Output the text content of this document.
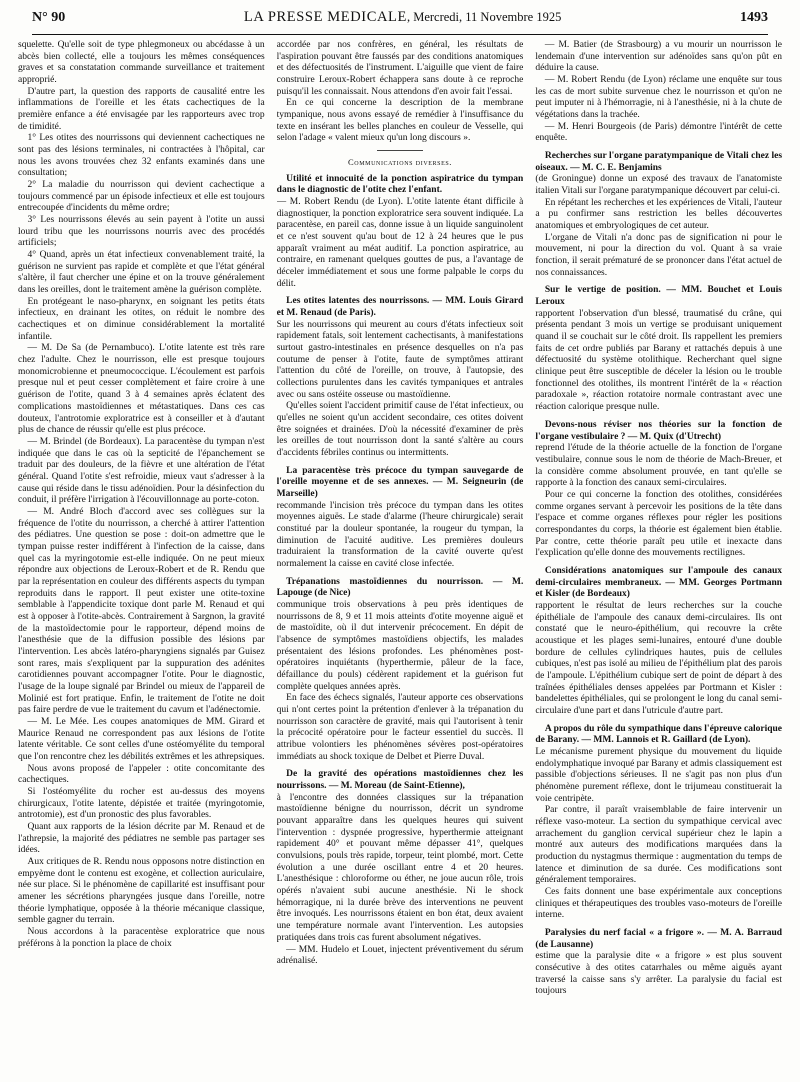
N° 90	LA PRESSE MEDICALE, Mercredi, 11 Novembre 1925	1493

squelette. Qu'elle soit de type phlegmoneux ou abcédasse à un abcès bien collecté, elle a toujours les mêmes conséquences graves et sa constatation commande surveillance et traitement approprié.

D'autre part, la question des rapports de causalité entre les inflammations de l'oreille et les états cachectiques de la première enfance a été envisagée par les rapporteurs avec trop de timidité.

1° Les otites des nourrissons qui deviennent cachectiques ne sont pas des lésions terminales, ni contractées à l'hôpital, car nous les avons trouvées chez 32 enfants examinés dans une consultation;

2° La maladie du nourrisson qui devient cachectique a toujours commencé par un épisode infectieux et elle est toujours entrecoupée d'incidents du même ordre;

3° Les nourrissons élevés au sein payent à l'otite un aussi lourd tribu que les nourrissons nourris avec des procédés artificiels;

4° Quand, après un état infectieux convenablement traité, la guérison ne survient pas rapide et complète et que l'état général s'altère, il faut chercher une épine et on la trouve généralement dans les oreilles, dont le traitement amène la guérison complète.

En protégeant le naso-pharynx, en soignant les petits états infectieux, en drainant les otites, on réduit le nombre des cachectiques et on diminue considérablement la mortalité infantile.

— M. De Sa (de Pernambuco). L'otite latente est très rare chez l'adulte. Chez le nourrisson, elle est presque toujours monomicrobienne et pneumococcique. L'écoulement est parfois presque nul et peut cesser complètement et faire croire à une guérison de l'otite, quand 3 à 4 semaines après éclatent des complications mastoïdiennes et métastatiques. Dans ces cas douteux, l'antrotomie exploratrice est à conseiller et à d'autant plus de chance de réussir qu'elle est plus précoce.

— M. Brindel (de Bordeaux). La paracentèse du tympan n'est indiquée que dans le cas où la septicité de l'épanchement se traduit par des douleurs, de la fièvre et une altération de l'état général. Quand l'otite s'est refroidie, mieux vaut s'adresser à la cause qui réside dans le tissu adénoïdien. Pour la désinfection du conduit, il préfère l'irrigation à l'écouvillonnage au porte-coton.

— M. André Bloch d'accord avec ses collègues sur la fréquence de l'otite du nourrisson, a cherché à attirer l'attention des pédiatres. Une question se pose : doit-on admettre que le tympan puisse rester indifférent à l'infection de la caisse, dans quel cas la myringotomie est-elle indiquée. On ne peut mieux répondre aux objections de Leroux-Robert et de R. Rendu que par la représentation en couleur des différents aspects du tympan reproduits dans le rapport. Il peut exister une otite-toxine semblable à l'appendicite toxique dont parle M. Renaud et qui est à opposer à l'otite-abcès. Contrairement à Sargnon, la gravité de la mastoïdectomie pour le rapporteur, dépend moins de l'anesthésie que de la diffusion possible des lésions par l'intervention. Les abcès latéro-pharyngiens signalés par Guisez sont rares, mais s'expliquent par la suppuration des adénites carotidiennes pouvant accompagner l'otite. Pour le diagnostic, l'usage de la loupe signalé par Brindel ou mieux de l'appareil de Molinié est fort pratique. Enfin, le traitement de l'otite ne doit pas faire perdre de vue le traitement du cavum et l'adénectomie.

— M. Le Mée. Les coupes anatomiques de MM. Girard et Maurice Renaud ne correspondent pas aux lésions de l'otite latente véritable. Ce sont celles d'une ostéomyélite du temporal que l'on rencontre chez les débilités extrêmes et les athrepsiques.

Nous avons proposé de l'appeler : otite concomitante des cachectiques.

Si l'ostéomyélite du rocher est au-dessus des moyens chirurgicaux, l'otite latente, dépistée et traitée (myringotomie, antrotomie), est d'un pronostic des plus favorables.

Quant aux rapports de la lésion décrite par M. Renaud et de l'athrepsie, la majorité des pédiatres ne semble pas partager ses idées.

Aux critiques de R. Rendu nous opposons notre distinction en empyème dont le contenu est exogène, et collection auriculaire, née sur place. Si le phénomène de capillarité est insuffisant pour amener les sécrétions pharyngées jusque dans l'oreille, notre théorie lymphatique, opposée à la théorie mécanique classique, semble gagner du terrain.

Nous accordons à la paracentèse exploratrice que nous préférons à la ponction la place de choix

accordée par nos confrères, en général, les résultats de l'aspiration pouvant être faussés par des conditions anatomiques et des défectuosités de l'instrument. L'aiguille que vient de faire construire Leroux-Robert échappera sans doute à ce reproche puisqu'il les connaissait. Nous attendons d'en avoir fait l'essai.

En ce qui concerne la description de la membrane tympanique, nous avons essayé de remédier à l'insuffisance du texte en insérant les belles planches en couleur de Vesselle, qui selon l'adage « valent mieux qu'un long discours ».

Communications diverses.
Utilité et innocuité de la ponction aspiratrice du tympan dans le diagnostic de l'otite chez l'enfant.

— M. Robert Rendu (de Lyon). L'otite latente étant difficile à diagnostiquer, la ponction exploratrice sera souvent indiquée. La paracentèse, en pareil cas, donne issue à un liquide sanguinolent et ce n'est souvent qu'au bout de 12 à 24 heures que le pus apparaît vraiment au méat auditif. La ponction aspiratrice, au contraire, en ramenant quelques gouttes de pus, a l'avantage de déceler immédiatement et sous une forme palpable le corps du délit.

Les otites latentes des nourrissons. — MM. Louis Girard et M. Renaud (de Paris).

Sur les nourrissons qui meurent au cours d'états infectieux soit rapidement fatals, soit lentement cachectisants, à manifestations surtout gastro-intestinales en présence desquelles on n'a pas coutume de penser à l'otite, faute de symptômes attirant l'attention du côté de l'oreille, on trouve, à l'autopsie, des collections purulentes dans les cavités tympaniques et antrales avec ou sans ostéite osseuse ou mastoïdienne.

Qu'elles soient l'accident primitif cause de l'état infectieux, ou qu'elles ne soient qu'un accident secondaire, ces otites doivent être soignées et drainées. D'où la nécessité d'examiner de près les oreilles de tout nourrisson dont la santé s'altère au cours d'accidents fébriles continus ou intermittents.

La paracentèse très précoce du tympan sauvegarde de l'oreille moyenne et de ses annexes. — M. Seigneurin (de Marseille)

recommande l'incision très précoce du tympan dans les otites moyennes aiguës. Le stade d'alarme (l'heure chirurgicale) serait constitué par la douleur spontanée, la rougeur du tympan, la diminution de l'acuité auditive. Les premières douleurs traduiraient la transformation de la cavité ouverte qu'est normalement la caisse en cavité close infectée.

Trépanations mastoïdiennes du nourrisson. — M. Lapouge (de Nice)

communique trois observations à peu près identiques de nourrissons de 8, 9 et 11 mois atteints d'otite moyenne aiguë et de mastoïdite, où il dut intervenir précocement. En dépit de l'absence de symptômes mastoïdiens objectifs, les malades présentaient des lésions profondes. Les phénomènes post-opératoires inquiétants (hyperthermie, pâleur de la face, défaillance du pouls) cédèrent rapidement et la guérison fut complète quelques années après.

En face des échecs signalés, l'auteur apporte ces observations qui n'ont certes point la prétention d'enlever à la trépanation du nourrisson son caractère de gravité, mais qui l'autorisent à tenir la précocité opératoire pour le facteur essentiel du succès. Il attribue volontiers les phénomènes sévères post-opératoires immédiats au shock toxique de Delbet et Pierre Duval.

De la gravité des opérations mastoïdiennes chez les nourrissons. — M. Moreau (de Saint-Etienne),

à l'encontre des données classiques sur la trépanation mastoïdienne bénigne du nourrisson, décrit un syndrome pouvant apparaître dans les quelques heures qui suivent l'intervention : dyspnée progressive, hyperthermie atteignant rapidement 40° et pouvant même dépasser 41°, quelques convulsions, pouls très rapide, torpeur, teint plombé, mort. Cette évolution a une durée oscillant entre 4 et 20 heures. L'anesthésique : chloroforme ou éther, ne joue aucun rôle, trois opérés n'avaient subi aucune anesthésie. Ni le shock hémorragique, ni la durée brève des interventions ne peuvent être invoqués. Les nourrissons étaient en bon état, deux avaient une température normale avant l'intervention. Les autopsies pratiquées dans trois cas furent absolument négatives.

— MM. Hudelo et Louet, injectent préventivement du sérum adrénalisé.

— M. Batier (de Strasbourg) a vu mourir un nourrisson le lendemain d'une intervention sur adénoïdes sans qu'on pût en déduire la cause.

— M. Robert Rendu (de Lyon) réclame une enquête sur tous les cas de mort subite survenue chez le nourrisson et qu'on ne peut imputer ni à l'hémorragie, ni à l'anesthésie, ni à la chute de végétations dans la trachée.

— M. Henri Bourgeois (de Paris) démontre l'intérêt de cette enquête.

Recherches sur l'organe paratympanique de Vitali chez les oiseaux. — M. C. E. Benjamins

(de Groningue) donne un exposé des travaux de l'anatomiste italien Vitali sur l'organe paratympanique découvert par celui-ci.

En répétant les recherches et les expériences de Vitali, l'auteur a pu confirmer sans restriction les belles découvertes anatomiques et embryologiques de cet auteur.

L'organe de Vitali n'a donc pas de signification ni pour le mouvement, ni pour la direction du vol. Quant à sa vraie fonction, il serait prématuré de se prononcer dans l'état actuel de nos connaissances.

Sur le vertige de position. — MM. Bouchet et Louis Leroux

rapportent l'observation d'un blessé, traumatisé du crâne, qui présenta pendant 3 mois un vertige se produisant uniquement quand il se couchait sur le côté droit. Ils rappellent les premiers faits de cet ordre publiés par Barany et rattachés depuis à une défectuosité du système otolithique. Recherchant quel signe clinique peut être susceptible de déceler la lésion ou le trouble fonctionnel des otolithes, ils montrent l'intérêt de la « réaction paradoxale », réaction rotatoire normale contrastant avec une réaction calorique presque nulle.

Devons-nous réviser nos théories sur la fonction de l'organe vestibulaire ? — M. Quix (d'Utrecht)

reprend l'étude de la théorie actuelle de la fonction de l'organe vestibulaire, connue sous le nom de théorie de Mach-Breuer, et la considère comme absolument prouvée, en tant qu'elle se rapporte à la fonction des canaux semi-circulaires.

Pour ce qui concerne la fonction des otolithes, considérées comme organes servant à percevoir les positions de la tête dans l'espace et comme organes réflexes pour régler les positions correspondantes du corps, la théorie est également bien établie. Par contre, cette théorie paraît peu utile et inexacte dans l'explication qu'elle donne des mouvements rectilignes.

Considérations anatomiques sur l'ampoule des canaux demi-circulaires membraneux. — MM. Georges Portmann et Kisler (de Bordeaux)

rapportent le résultat de leurs recherches sur la couche épithéliale de l'ampoule des canaux demi-circulaires. Ils ont constaté que le neuro-épithélium, qui recouvre la crête acoustique et les plages semi-lunaires, entouré d'une double bordure de cellules cylindriques hautes, puis de cellules cubiques, n'est pas isolé au milieu de l'épithélium plat des parois de l'ampoule. L'épithélium cubique sert de point de départ à des traînées épithéliales denses appelées par Portmann et Kisler : bandelettes épithéliales, qui se prolongent le long du canal semi-circulaire d'une part et dans l'utricule d'autre part.

A propos du rôle du sympathique dans l'épreuve calorique de Barany. — MM. Lannois et R. Gaillard (de Lyon).

Le mécanisme purement physique du mouvement du liquide endolymphatique invoqué par Barany et admis classiquement est passible d'objections sérieuses. Il ne s'agit pas non plus d'un phénomène purement réflexe, dont le trijumeau constituerait la voie centripète.

Par contre, il paraît vraisemblable de faire intervenir un réflexe vaso-moteur. La section du sympathique cervical avec arrachement du ganglion cervical supérieur chez le lapin a montré aux auteurs des modifications marquées dans la production du nystagmus thermique : augmentation du temps de latence et diminution de sa durée. Ces modifications sont généralement temporaires.

Ces faits donnent une base expérimentale aux conceptions cliniques et thérapeutiques des troubles vaso-moteurs de l'oreille interne.

Paralysies du nerf facial « a frigore ». — M. A. Barraud (de Lausanne)

estime que la paralysie dite « a frigore » est plus souvent consécutive à des otites catarrhales ou même aiguës ayant traversé la caisse sans s'y arrêter. La paralysie du facial est toujours
